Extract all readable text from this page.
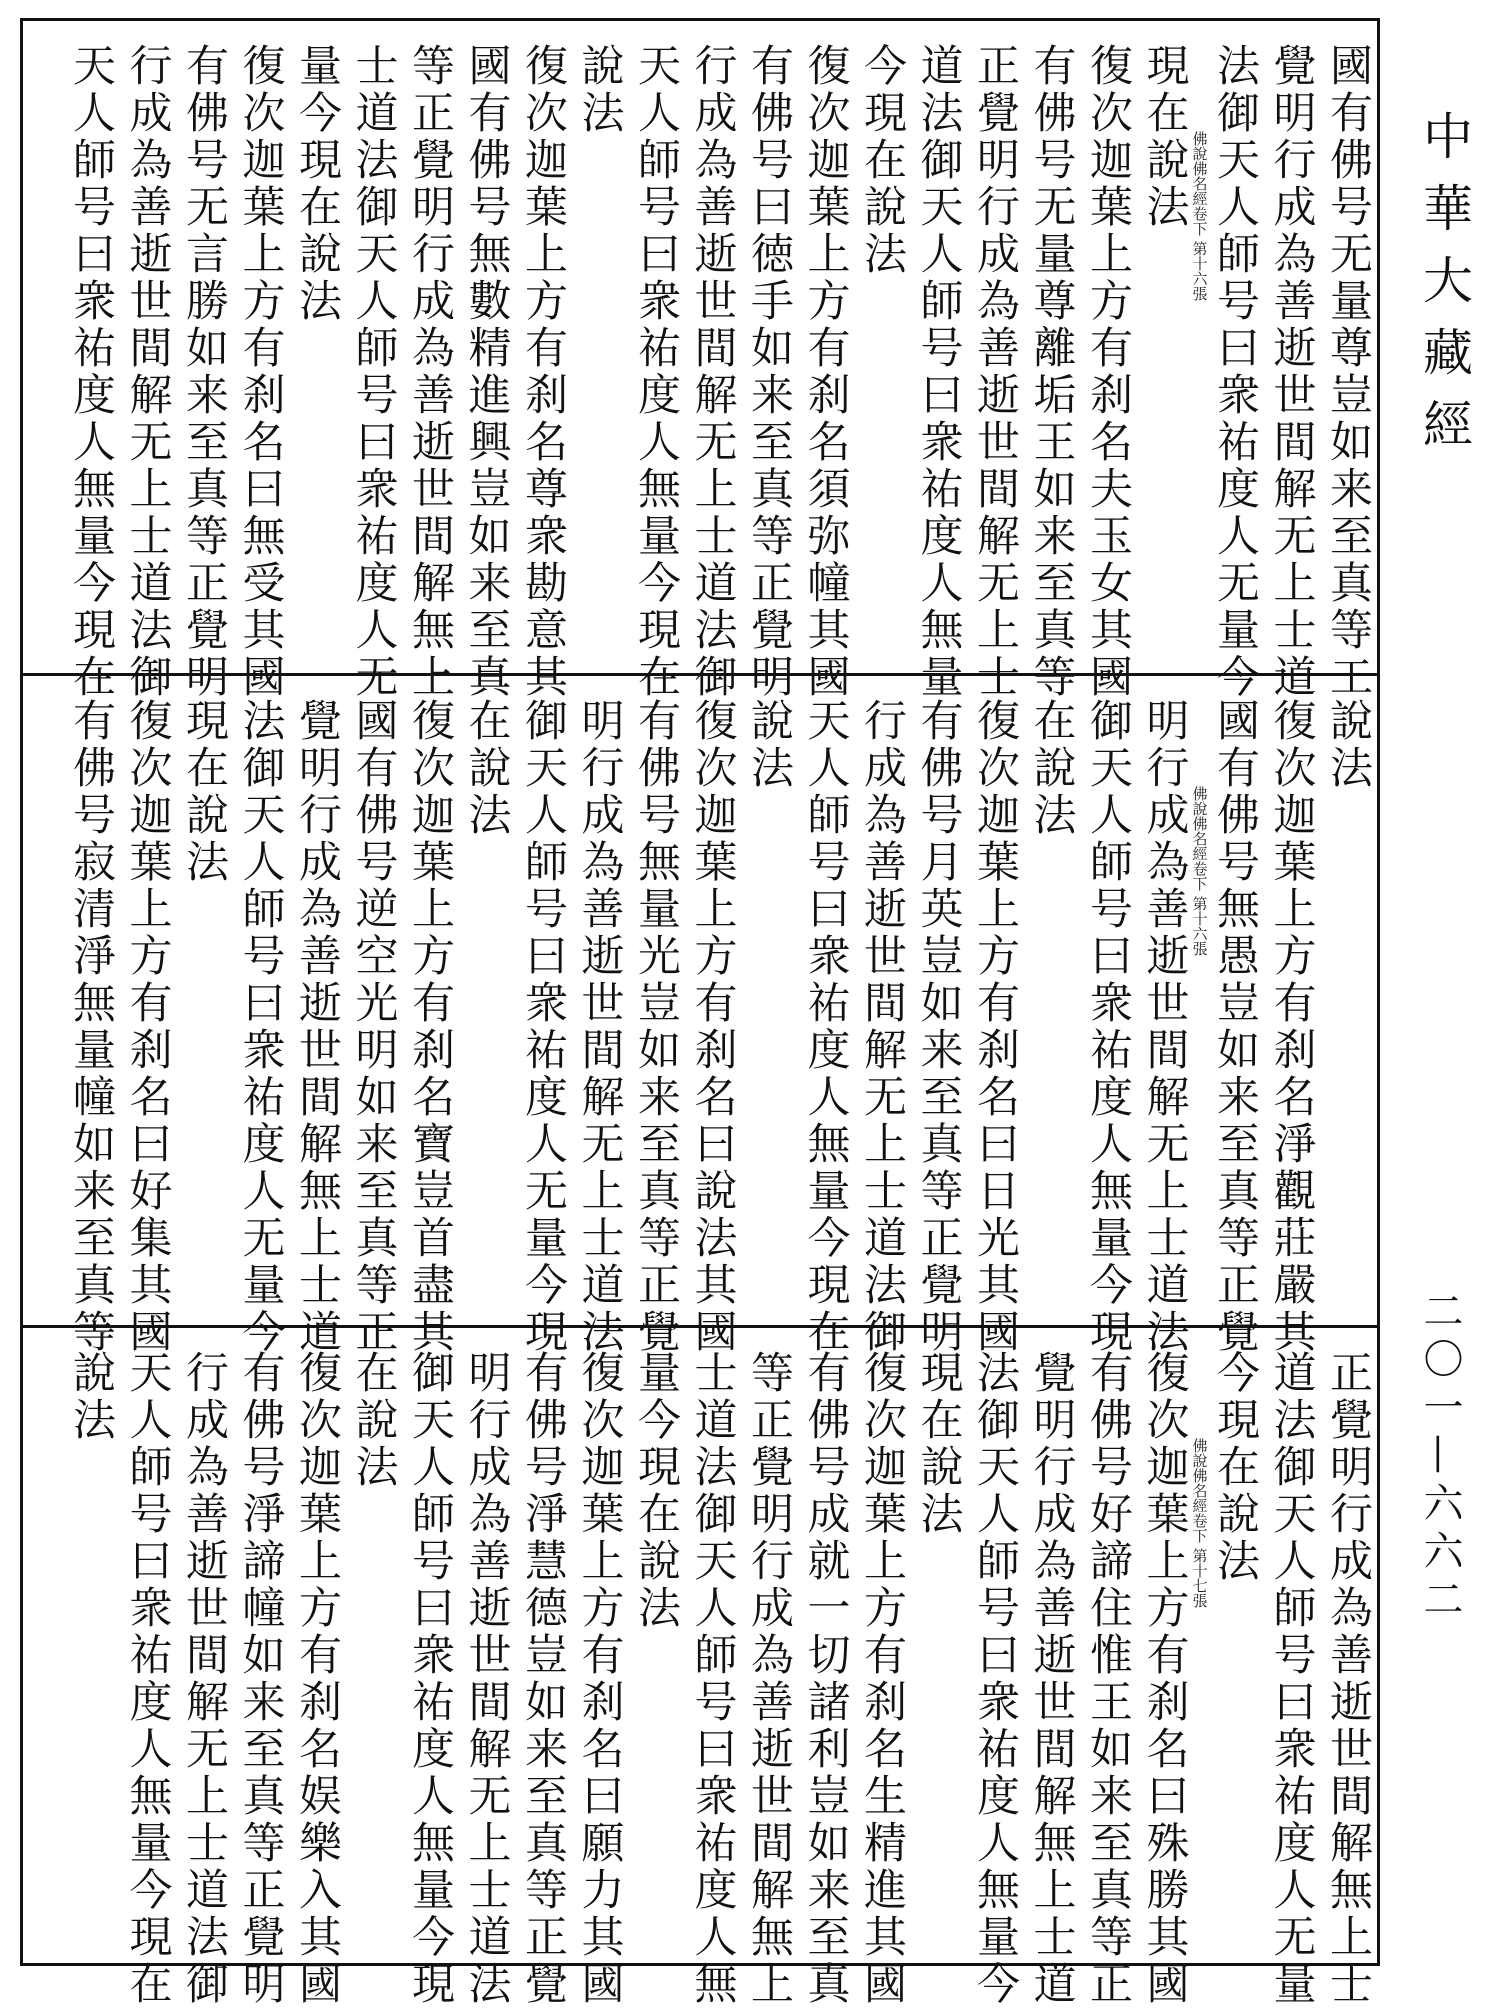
國有佛号无量尊豈如来至真等工
覺明行成為善逝世間解无上士道
法御天人師号曰衆祐度人无量今
現在說法
復次迦葉上方有刹名夫玉女其國
有佛号无量尊離垢王如来至真等
正覺明行成為善逝世間解无上士
道法御天人師号曰衆祐度人無量
今現在說法
復次迦葉上方有刹名須弥幢其國
有佛号曰徳手如来至真等正覺明
行成為善逝世間解无上士道法御
天人師号曰衆祐度人無量今現在
說法
復次迦葉上方有刹名尊衆勘意其
國有佛号無數精進興豈如来至真
等正覺明行成為善逝世間解無上
士道法御天人師号曰衆祐度人无
量今現在說法
復次迦葉上方有刹名曰無受其國
有佛号无言勝如来至真等正覺明
行成為善逝世間解无上士道法御
天人師号曰衆祐度人無量今現在	佛說佛名經卷下 第十六張
說法
復次迦葉上方有刹名淨觀莊嚴其
國有佛号無愚豈如来至真等正覺
明行成為善逝世間解无上士道法
御天人師号曰衆祐度人無量今現
在說法
復次迦葉上方有刹名曰日光其國
有佛号月英豈如来至真等正覺明
行成為善逝世間解无上士道法御
天人師号曰衆祐度人無量今現在
說法
復次迦葉上方有刹名曰說法其國
有佛号無量光豈如来至真等正覺
明行成為善逝世間解无上士道法
御天人師号曰衆祐度人无量今現
在說法
復次迦葉上方有刹名寶豈首盡其
國有佛号逆空光明如来至真等正
覺明行成為善逝世間解無上士道
法御天人師号曰衆祐度人无量今
現在說法
復次迦葉上方有刹名曰好集其國
有佛号寂清淨無量幢如来至真等	佛說佛名經卷下 第十六張
正覺明行成為善逝世間解無上士
道法御天人師号曰衆祐度人无量
今現在說法
復次迦葉上方有刹名曰殊勝其國
有佛号好諦住惟王如来至真等正
覺明行成為善逝世間解無上士道
法御天人師号曰衆祐度人無量今
現在說法
復次迦葉上方有刹名生精進其國
有佛号成就一切諸利豈如来至真
等正覺明行成為善逝世間解無上
士道法御天人師号曰衆祐度人無
量今現在說法
復次迦葉上方有刹名曰願力其國
有佛号淨慧德豈如来至真等正覺
明行成為善逝世間解无上士道法
御天人師号曰衆祐度人無量今現
在說法
復次迦葉上方有刹名娱樂入其國
有佛号淨諦幢如来至真等正覺明
行成為善逝世間解无上士道法御
天人師号曰衆祐度人無量今現在
說法
佛說佛名經卷下 第十七張
中華大藏經
二〇一—六六二
